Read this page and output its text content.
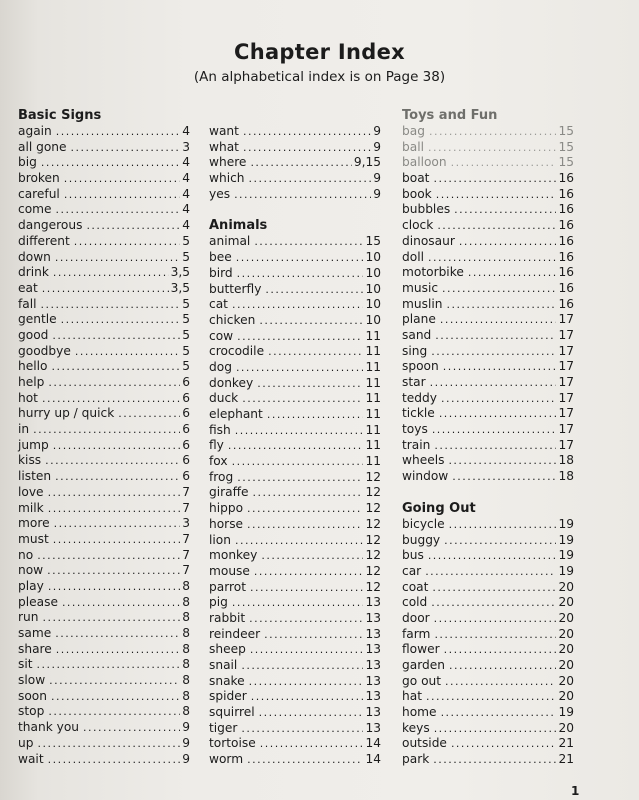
Chapter Index
(An alphabetical index is on Page 38)
Basic Signs
again . . .	4
all gone . . .	3
big . . .	4
broken . . .	4
careful . . .	4
come . . .	4
dangerous . . .	4
different . . .	5
down . . .	5
drink . . .	3,5
eat . . .	3,5
fall . . .	5
gentle . . .	5
good . . .	5
goodbye . . .	5
hello . . .	5
help . . .	6
hot . . .	6
hurry up / quick . . .	6
in . . .	6
jump . . .	6
kiss . . .	6
listen . . .	6
love . . .	7
milk . . .	7
more . . .	3
must . . .	7
no . . .	7
now . . .	7
play . . .	8
please . . .	8
run . . .	8
same . . .	8
share . . .	8
sit . . .	8
slow . . .	8
soon . . .	8
stop . . .	8
thank you . . .	9
up . . .	9
wait . . .	9
want . . .	9
what . . .	9
where . . .	9,15
which . . .	9
yes . . .	9
Animals
animal . . .	15
bee . . .	10
bird . . .	10
butterfly . . .	10
cat . . .	10
chicken . . .	10
cow . . .	11
crocodile . . .	11
dog . . .	11
donkey . . .	11
duck . . .	11
elephant . . .	11
fish . . .	11
fly . . .	11
fox . . .	11
frog . . .	12
giraffe . . .	12
hippo . . .	12
horse . . .	12
lion . . .	12
monkey . . .	12
mouse . . .	12
parrot . . .	12
pig . . .	13
rabbit . . .	13
reindeer . . .	13
sheep . . .	13
snail . . .	13
snake . . .	13
spider . . .	13
squirrel . . .	13
tiger . . .	13
tortoise . . .	14
worm . . .	14
Toys and Fun
bag . . .	15
ball . . .	15
balloon . . .	15
boat . . .	16
book . . .	16
bubbles . . .	16
clock . . .	16
dinosaur . . .	16
doll . . .	16
motorbike . . .	16
music . . .	16
muslin . . .	16
plane . . .	17
sand . . .	17
sing . . .	17
spoon . . .	17
star . . .	17
teddy . . .	17
tickle . . .	17
toys . . .	17
train . . .	17
wheels . . .	18
window . . .	18
Going Out
bicycle . . .	19
buggy . . .	19
bus . . .	19
car . . .	19
coat . . .	20
cold . . .	20
door . . .	20
farm . . .	20
flower . . .	20
garden . . .	20
go out . . .	20
hat . . .	20
home . . .	19
keys . . .	20
outside . . .	21
park . . .	21
1
